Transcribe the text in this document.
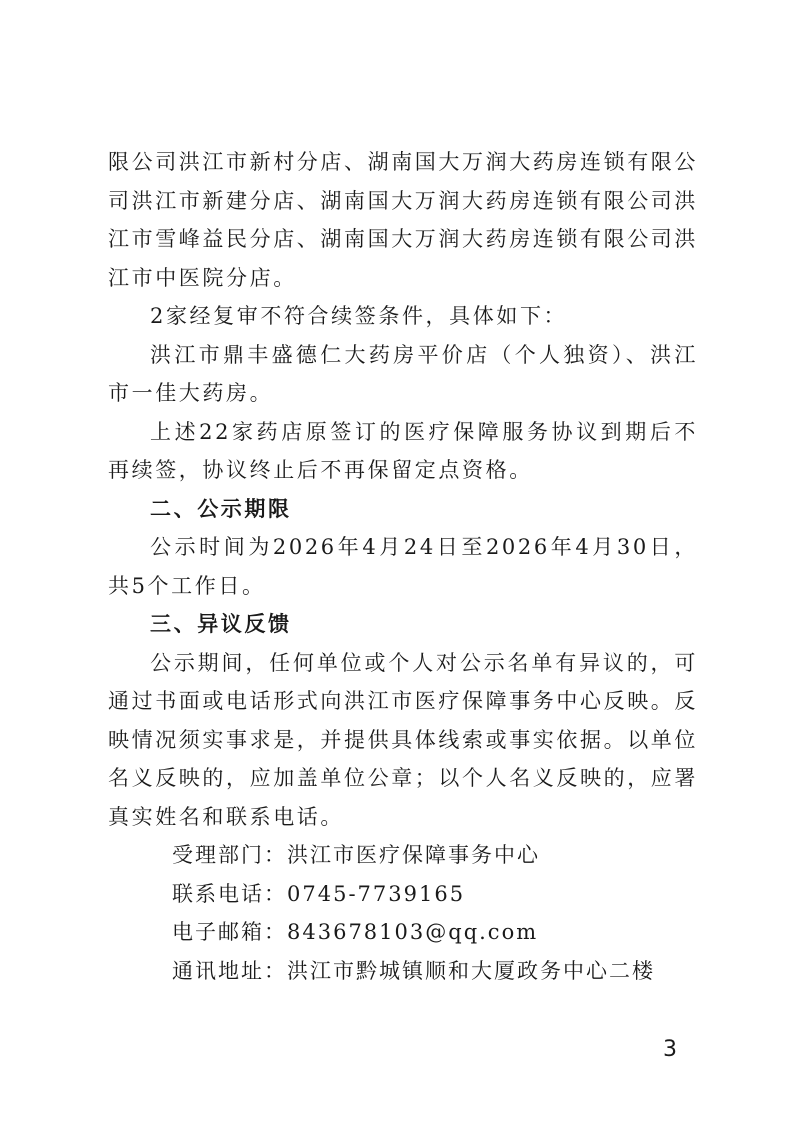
限公司洪江市新村分店、湖南国大万润大药房连锁有限公司洪江市新建分店、湖南国大万润大药房连锁有限公司洪江市雪峰益民分店、湖南国大万润大药房连锁有限公司洪江市中医院分店。

2家经复审不符合续签条件，具体如下：

洪江市鼎丰盛德仁大药房平价店（个人独资）、洪江市一佳大药房。

上述22家药店原签订的医疗保障服务协议到期后不再续签，协议终止后不再保留定点资格。

二、公示期限

公示时间为2026年4月24日至2026年4月30日，共5个工作日。

三、异议反馈

公示期间，任何单位或个人对公示名单有异议的，可通过书面或电话形式向洪江市医疗保障事务中心反映。反映情况须实事求是，并提供具体线索或事实依据。以单位名义反映的，应加盖单位公章；以个人名义反映的，应署真实姓名和联系电话。

受理部门：洪江市医疗保障事务中心

联系电话：0745-7739165

电子邮箱：843678103@qq.com

通讯地址：洪江市黔城镇顺和大厦政务中心二楼

3
